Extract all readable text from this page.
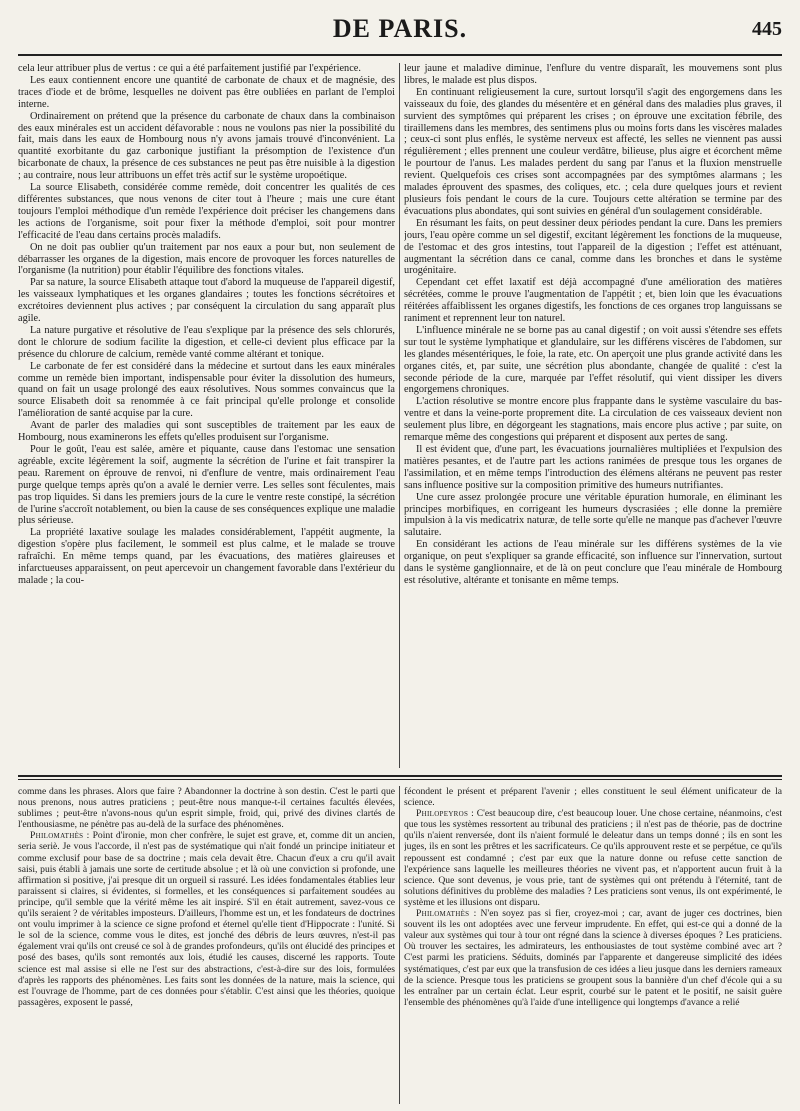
DE PARIS.	445

cela leur attribuer plus de vertus : ce qui a été parfaitement justifié par l'expérience.

Les eaux contiennent encore une quantité de carbonate de chaux et de magnésie, des traces d'iode et de brôme, lesquelles ne doivent pas être oubliées en parlant de l'emploi interne.

Ordinairement on prétend que la présence du carbonate de chaux dans la combinaison des eaux minérales est un accident défavorable : nous ne voulons pas nier la possibilité du fait, mais dans les eaux de Hombourg nous n'y avons jamais trouvé d'inconvénient. La quantité exorbitante du gaz carbonique justifiant la présomption de l'existence d'un bicarbonate de chaux, la présence de ces substances ne peut pas être nuisible à la digestion ; au contraire, nous leur attribuons un effet très actif sur le système uropoétique.

La source Elisabeth, considérée comme remède, doit concentrer les qualités de ces différentes substances, que nous venons de citer tout à l'heure ; mais une cure étant toujours l'emploi méthodique d'un remède l'expérience doit préciser les changemens dans les actions de l'organisme, soit pour fixer la méthode d'emploi, soit pour montrer l'efficacité de l'eau dans certains procès maladifs.

On ne doit pas oublier qu'un traitement par nos eaux a pour but, non seulement de débarrasser les organes de la digestion, mais encore de provoquer les forces naturelles de l'organisme (la nutrition) pour établir l'équilibre des fonctions vitales.

Par sa nature, la source Elisabeth attaque tout d'abord la muqueuse de l'appareil digestif, les vaisseaux lymphatiques et les organes glandaires ; toutes les fonctions sécrétoires et excrétoires deviennent plus actives ; par conséquent la circulation du sang apparaît plus agile.

La nature purgative et résolutive de l'eau s'explique par la présence des sels chlorurés, dont le chlorure de sodium facilite la digestion, et celle-ci devient plus efficace par la présence du chlorure de calcium, remède vanté comme altérant et tonique.

Le carbonate de fer est considéré dans la médecine et surtout dans les eaux minérales comme un remède bien important, indispensable pour éviter la dissolution des humeurs, quand on fait un usage prolongé des eaux résolutives. Nous sommes convaincus que la source Elisabeth doit sa renommée à ce fait principal qu'elle prolonge et consolide l'amélioration de santé acquise par la cure.

Avant de parler des maladies qui sont susceptibles de traitement par les eaux de Hombourg, nous examinerons les effets qu'elles produisent sur l'organisme.

Pour le goût, l'eau est salée, amère et piquante, cause dans l'estomac une sensation agréable, excite légèrement la soif, augmente la sécrétion de l'urine et fait transpirer la peau. Rarement on éprouve de renvoi, ni d'enflure de ventre, mais ordinairement l'eau purge quelque temps après qu'on a avalé le dernier verre. Les selles sont féculentes, mais pas trop liquides. Si dans les premiers jours de la cure le ventre reste constipé, la sécrétion de l'urine s'accroît notablement, ou bien la cause de ses conséquences explique une maladie plus sérieuse.

La propriété laxative soulage les malades considérablement, l'appétit augmente, la digestion s'opère plus facilement, le sommeil est plus calme, et le malade se trouve rafraîchi. En même temps quand, par les évacuations, des matières glaireuses et infarctueuses apparaissent, on peut apercevoir un changement favorable dans l'extérieur du malade ; la cou-

leur jaune et maladive diminue, l'enflure du ventre disparaît, les mouvemens sont plus libres, le malade est plus dispos.

En continuant religieusement la cure, surtout lorsqu'il s'agit des engorgemens dans les vaisseaux du foie, des glandes du mésentère et en général dans des maladies plus graves, il survient des symptômes qui préparent les crises ; on éprouve une excitation fébrile, des tiraillemens dans les membres, des sentimens plus ou moins forts dans les viscères malades ; ceux-ci sont plus enflés, le système nerveux est affecté, les selles ne viennent pas aussi régulièrement ; elles prennent une couleur verdâtre, bilieuse, plus aigre et écorchent même le pourtour de l'anus. Les malades perdent du sang par l'anus et la fluxion menstruelle revient. Quelquefois ces crises sont accompagnées par des symptômes alarmans ; les malades éprouvent des spasmes, des coliques, etc. ; cela dure quelques jours et revient plusieurs fois pendant le cours de la cure. Toujours cette altération se termine par des évacuations plus abondates, qui sont suivies en général d'un soulagement considérable.

En résumant les faits, on peut dessiner deux périodes pendant la cure. Dans les premiers jours, l'eau opère comme un sel digestif, excitant légèrement les fonctions de la muqueuse, de l'estomac et des gros intestins, tout l'appareil de la digestion ; l'effet est atténuant, augmentant la sécrétion dans ce canal, comme dans les bronches et dans le système urogénitaire.

Cependant cet effet laxatif est déjà accompagné d'une amélioration des matières sécrétées, comme le prouve l'augmentation de l'appétit ; et, bien loin que les évacuations réitérées affaiblissent les organes digestifs, les fonctions de ces organes trop languissans se raniment et reprennent leur ton naturel.

L'influence minérale ne se borne pas au canal digestif ; on voit aussi s'étendre ses effets sur tout le système lymphatique et glandulaire, sur les différens viscères de l'abdomen, sur les glandes mésentériques, le foie, la rate, etc. On aperçoit une plus grande activité dans les organes cités, et, par suite, une sécrétion plus abondante, changée de qualité : c'est la seconde période de la cure, marquée par l'effet résolutif, qui vient dissiper les divers engorgemens chroniques.

L'action résolutive se montre encore plus frappante dans le système vasculaire du bas-ventre et dans la veine-porte proprement dite. La circulation de ces vaisseaux devient non seulement plus libre, en dégorgeant les stagnations, mais encore plus active ; par suite, on remarque même des congestions qui préparent et disposent aux pertes de sang.

Il est évident que, d'une part, les évacuations journalières multipliées et l'expulsion des matières pesantes, et de l'autre part les actions ranimées de presque tous les organes de l'assimilation, et en même temps l'introduction des élémens altérans ne peuvent pas rester sans influence positive sur la composition primitive des humeurs nutrifiantes.

Une cure assez prolongée procure une véritable épuration humorale, en éliminant les principes morbifiques, en corrigeant les humeurs dyscrasiées ; elle donne la première impulsion à la vis medicatrix naturæ, de telle sorte qu'elle ne manque pas d'achever l'œuvre salutaire.

En considérant les actions de l'eau minérale sur les différens systèmes de la vie organique, on peut s'expliquer sa grande efficacité, son influence sur l'innervation, surtout dans le système ganglionnaire, et de là on peut conclure que l'eau minérale de Hombourg est résolutive, altérante et tonisante en même temps.

comme dans les phrases. Alors que faire ? Abandonner la doctrine à son destin. C'est le parti que nous prenons, nous autres praticiens ; peut-être nous manque-t-il certaines facultés élevées, sublimes ; peut-être n'avons-nous qu'un esprit simple, froid, qui, privé des divines clartés de l'enthousiasme, ne pénètre pas au-delà de la surface des phénomènes.

Philomathès : Point d'ironie, mon cher confrère, le sujet est grave, et, comme dit un ancien, seria seriè. Je vous l'accorde, il n'est pas de systématique qui n'ait fondé un principe initiateur et comme exclusif pour base de sa doctrine ; mais cela devait être. Chacun d'eux a cru qu'il avait saisi, puis établi à jamais une sorte de certitude absolue ; et là où une conviction si profonde, une affirmation si positive, j'ai presque dit un orgueil si rassuré. Les idées fondamentales établies leur paraissent si claires, si évidentes, si formelles, et les conséquences si parfaitement soudées au principe, qu'il semble que la vérité même les ait inspiré. S'il en était autrement, savez-vous ce qu'ils seraient ? de véritables imposteurs. D'ailleurs, l'homme est un, et les fondateurs de doctrines ont voulu imprimer à la science ce signe profond et éternel qu'elle tient d'Hippocrate : l'unité. Si le sol de la science, comme vous le dites, est jonché des débris de leurs œuvres, n'est-il pas également vrai qu'ils ont creusé ce sol à de grandes profondeurs, qu'ils ont élucidé des principes et posé des bases, qu'ils sont remontés aux lois, étudié les causes, discerné les rapports. Toute science est mal assise si elle ne l'est sur des abstractions, c'est-à-dire sur des lois, formulées d'après les rapports des phénomènes. Les faits sont les données de la nature, mais la science, qui est l'ouvrage de l'homme, part de ces données pour s'établir. C'est ainsi que les théories, quoique passagères, exposent le passé,

fécondent le présent et préparent l'avenir ; elles constituent le seul élément unificateur de la science.

Philopeyros : C'est beaucoup dire, c'est beaucoup louer. Une chose certaine, néanmoins, c'est que tous les systèmes ressortent au tribunal des praticiens ; il n'est pas de théorie, pas de doctrine qu'ils n'aient renversée, dont ils n'aient formulé le deleatur dans un temps donné ; ils en sont les juges, ils en sont les prêtres et les sacrificateurs. Ce qu'ils approuvent reste et se perpétue, ce qu'ils repoussent est condamné ; c'est par eux que la nature donne ou refuse cette sanction de l'expérience sans laquelle les meilleures théories ne vivent pas, et n'apportent aucun fruit à la science. Que sont devenus, je vous prie, tant de systèmes qui ont prétendu à l'éternité, tant de solutions définitives du problème des maladies ? Les praticiens sont venus, ils ont expérimenté, le système et les illusions ont disparu.

Philomathès : N'en soyez pas si fier, croyez-moi ; car, avant de juger ces doctrines, bien souvent ils les ont adoptées avec une ferveur imprudente. En effet, qui est-ce qui a donné de la valeur aux systèmes qui tour à tour ont régné dans la science à diverses époques ? Les praticiens. Où trouver les sectaires, les admirateurs, les enthousiastes de tout système combiné avec art ? C'est parmi les praticiens. Séduits, dominés par l'apparente et dangereuse simplicité des idées systématiques, c'est par eux que la transfusion de ces idées a lieu jusque dans les derniers rameaux de la science. Presque tous les praticiens se groupent sous la bannière d'un chef d'école qui a su les entraîner par un certain éclat. Leur esprit, courbé sur le patent et le positif, ne saisit guère l'ensemble des phénomènes qu'à l'aide d'une intelligence qui longtemps d'avance a relié
